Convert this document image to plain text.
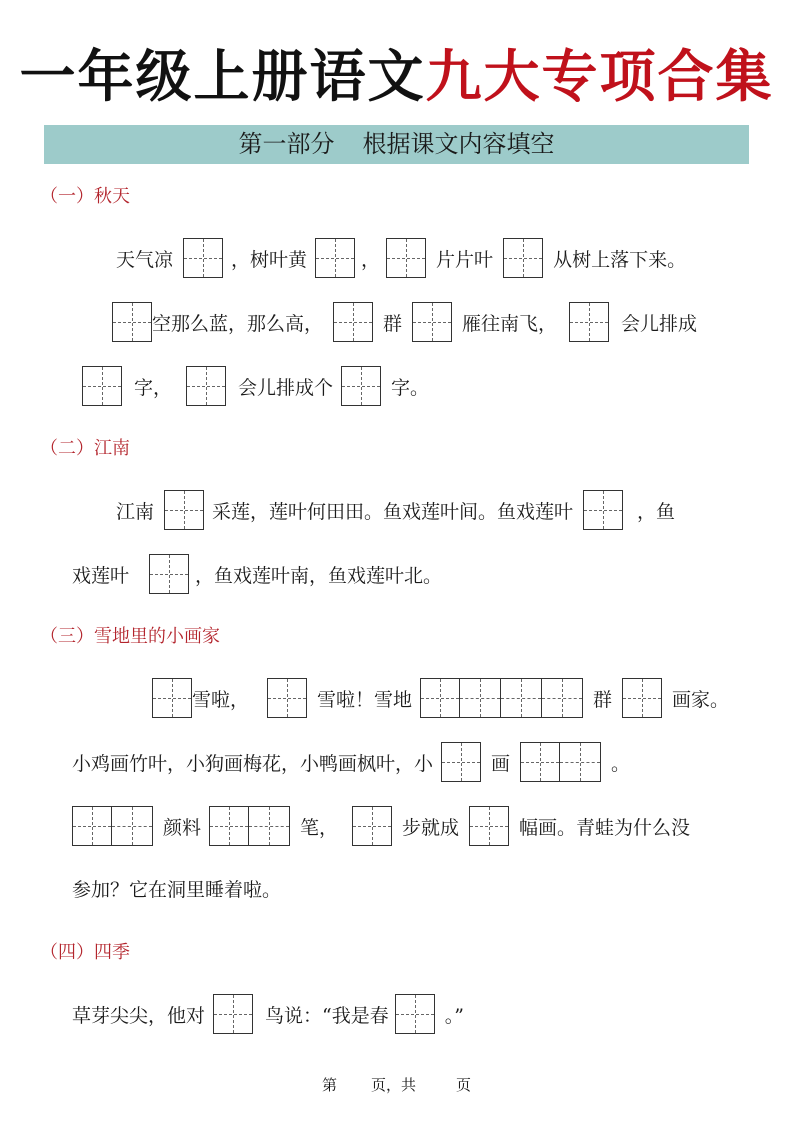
一年级上册语文九大专项合集
第一部分 根据课文内容填空
（一）秋天
天气凉	，树叶黄	，	片片叶	从树上落下来。
空那么蓝，那么高，	群	雁往南飞，	会儿排成
字，	会儿排成个	字。
（二）江南
江南	采莲，莲叶何田田。鱼戏莲叶间。鱼戏莲叶	，鱼
戏莲叶	，鱼戏莲叶南，鱼戏莲叶北。
（三）雪地里的小画家
雪啦，	雪啦！雪地	群	画家。
小鸡画竹叶，小狗画梅花，小鸭画枫叶，小	画	。
颜料	笔，	步就成	幅画。青蛙为什么没
参加？它在洞里睡着啦。
（四）四季
草芽尖尖，他对	鸟说：“我是春	。”
第 页，共	页
